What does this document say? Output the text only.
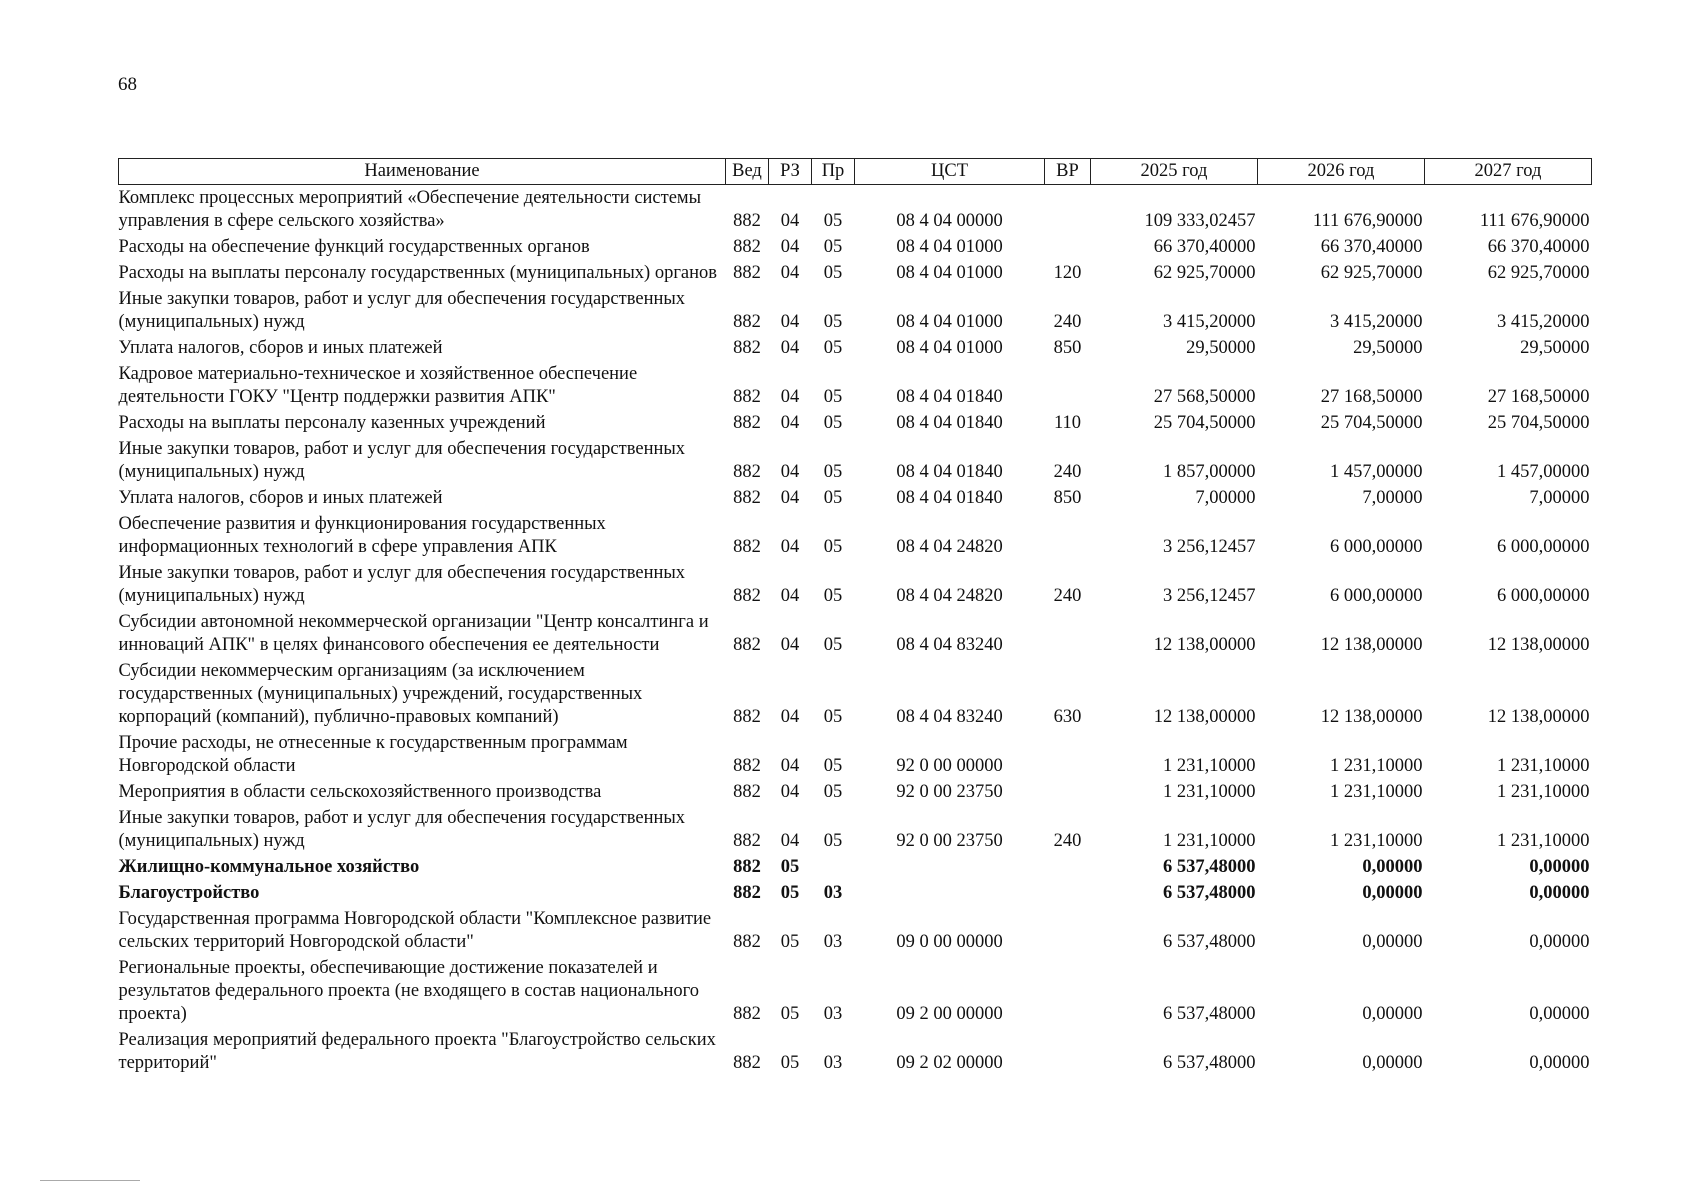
68
Наименование	Вед	РЗ	Пр	ЦСТ	ВР	2025 год	2026 год	2027 год
Комплекс процессных мероприятий «Обеспечение деятельности системы управления в сфере сельского хозяйства»	882	04	05	08 4 04 00000		109 333,02457	111 676,90000	111 676,90000
Расходы на обеспечение функций государственных органов	882	04	05	08 4 04 01000		66 370,40000	66 370,40000	66 370,40000
Расходы на выплаты персоналу государственных (муниципальных) органов	882	04	05	08 4 04 01000	120	62 925,70000	62 925,70000	62 925,70000
Иные закупки товаров, работ и услуг для обеспечения государственных (муниципальных) нужд	882	04	05	08 4 04 01000	240	3 415,20000	3 415,20000	3 415,20000
Уплата налогов, сборов и иных платежей	882	04	05	08 4 04 01000	850	29,50000	29,50000	29,50000
Кадровое материально-техническое и хозяйственное обеспечение деятельности ГОКУ "Центр поддержки развития АПК"	882	04	05	08 4 04 01840		27 568,50000	27 168,50000	27 168,50000
Расходы на выплаты персоналу казенных учреждений	882	04	05	08 4 04 01840	110	25 704,50000	25 704,50000	25 704,50000
Иные закупки товаров, работ и услуг для обеспечения государственных (муниципальных) нужд	882	04	05	08 4 04 01840	240	1 857,00000	1 457,00000	1 457,00000
Уплата налогов, сборов и иных платежей	882	04	05	08 4 04 01840	850	7,00000	7,00000	7,00000
Обеспечение развития и функционирования государственных информационных технологий в сфере управления АПК	882	04	05	08 4 04 24820		3 256,12457	6 000,00000	6 000,00000
Иные закупки товаров, работ и услуг для обеспечения государственных (муниципальных) нужд	882	04	05	08 4 04 24820	240	3 256,12457	6 000,00000	6 000,00000
Субсидии автономной некоммерческой организации "Центр консалтинга и инноваций АПК" в целях финансового обеспечения ее деятельности	882	04	05	08 4 04 83240		12 138,00000	12 138,00000	12 138,00000
Субсидии некоммерческим организациям (за исключением государственных (муниципальных) учреждений, государственных корпораций (компаний), публично-правовых компаний)	882	04	05	08 4 04 83240	630	12 138,00000	12 138,00000	12 138,00000
Прочие расходы, не отнесенные к государственным программам Новгородской области	882	04	05	92 0 00 00000		1 231,10000	1 231,10000	1 231,10000
Мероприятия в области сельскохозяйственного производства	882	04	05	92 0 00 23750		1 231,10000	1 231,10000	1 231,10000
Иные закупки товаров, работ и услуг для обеспечения государственных (муниципальных) нужд	882	04	05	92 0 00 23750	240	1 231,10000	1 231,10000	1 231,10000
Жилищно-коммунальное хозяйство	882	05				6 537,48000	0,00000	0,00000
Благоустройство	882	05	03			6 537,48000	0,00000	0,00000
Государственная программа Новгородской области "Комплексное развитие сельских территорий Новгородской области"	882	05	03	09 0 00 00000		6 537,48000	0,00000	0,00000
Региональные проекты, обеспечивающие достижение показателей и результатов федерального проекта (не входящего в состав национального проекта)	882	05	03	09 2 00 00000		6 537,48000	0,00000	0,00000
Реализация мероприятий федерального проекта "Благоустройство сельских территорий"	882	05	03	09 2 02 00000		6 537,48000	0,00000	0,00000
